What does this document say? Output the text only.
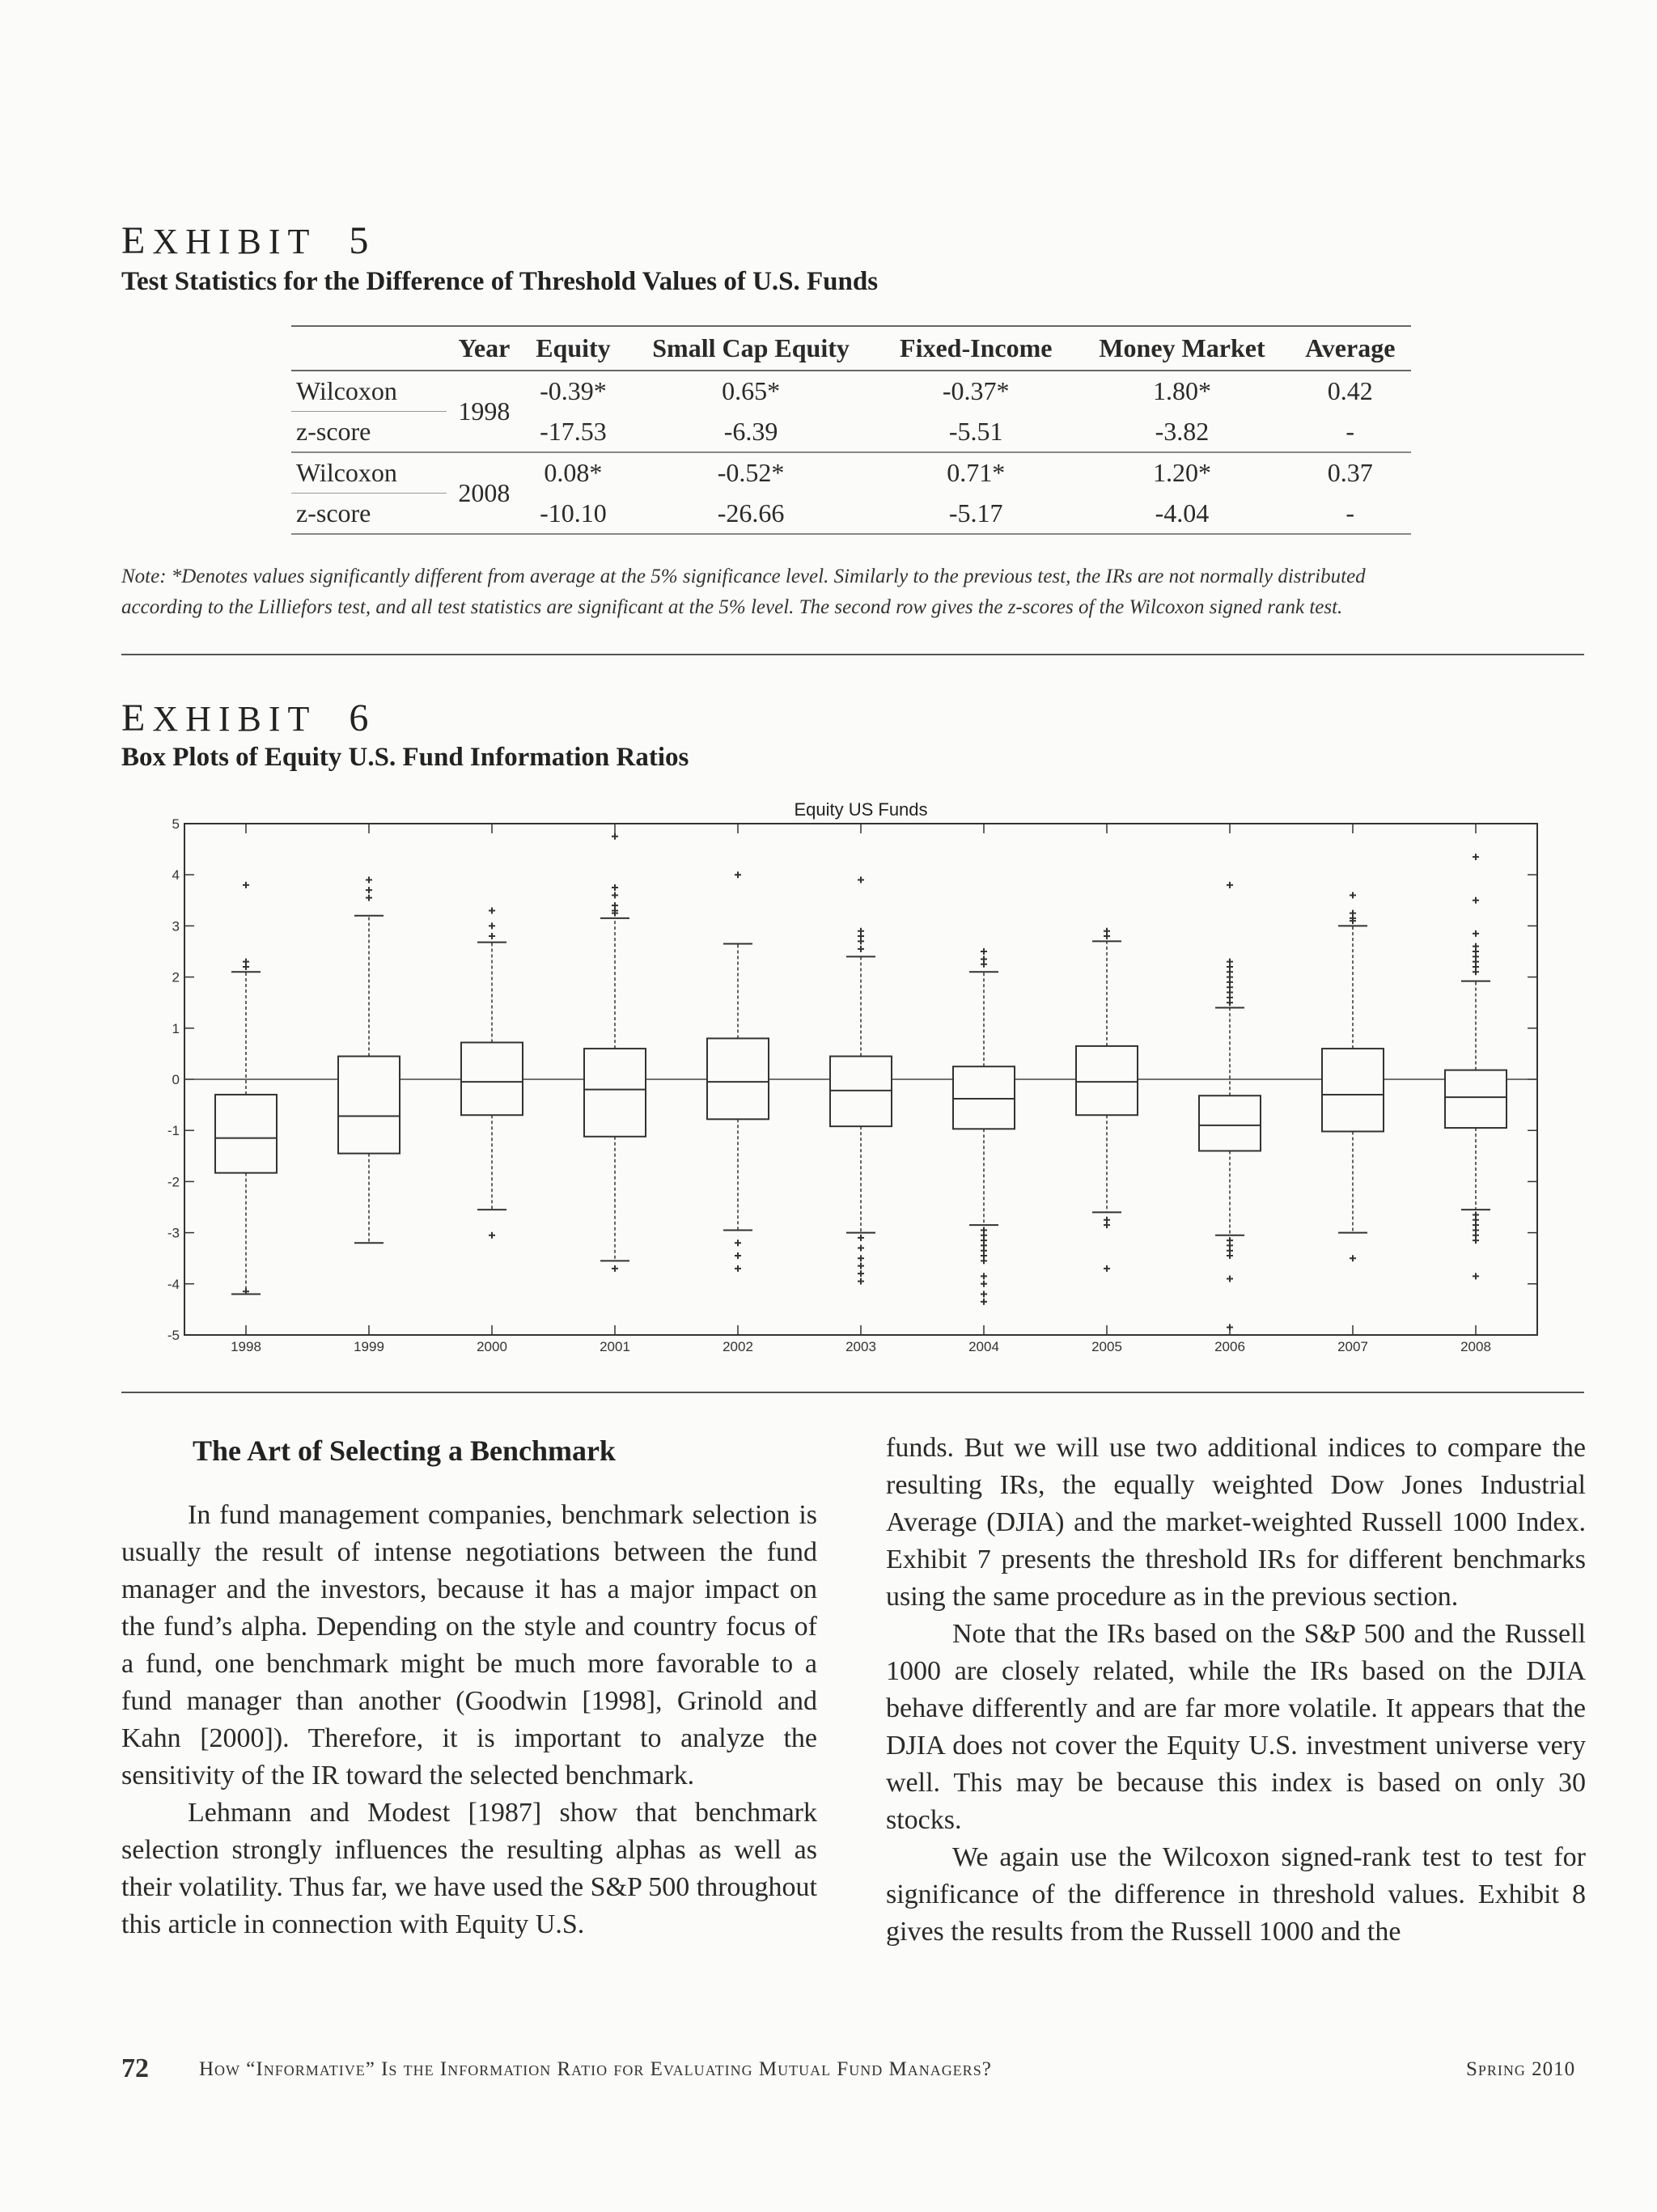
EXHIBIT 5
Test Statistics for the Difference of Threshold Values of U.S. Funds
	Year	Equity	Small Cap Equity	Fixed-Income	Money Market	Average
Wilcoxon	1998	-0.39*	0.65*	-0.37*	1.80*	0.42
z-score		-17.53	-6.39	-5.51	-3.82	-
Wilcoxon	2008	0.08*	-0.52*	0.71*	1.20*	0.37
z-score		-10.10	-26.66	-5.17	-4.04	-
Note: *Denotes values significantly different from average at the 5% significance level. Similarly to the previous test, the IRs are not normally distributed
according to the Lilliefors test, and all test statistics are significant at the 5% level. The second row gives the z-scores of the Wilcoxon signed rank test.
EXHIBIT 6
Box Plots of Equity U.S. Fund Information Ratios
Equity US Funds
-5
-4
-3
-2
-1
0
1
2
3
4
5
1998	1999	2000	2001	2002	2003	2004	2005	2006	2007	2008
The Art of Selecting a Benchmark

In fund management companies, benchmark selection is usually the result of intense negotiations between the fund manager and the investors, because it has a major impact on the fund’s alpha. Depending on the style and country focus of a fund, one benchmark might be much more favorable to a fund manager than another (Goodwin [1998], Grinold and Kahn [2000]). Therefore, it is important to analyze the sensitivity of the IR toward the selected benchmark.

Lehmann and Modest [1987] show that benchmark selection strongly influences the resulting alphas as well as their volatility. Thus far, we have used the S&P 500 throughout this article in connection with Equity U.S.

funds. But we will use two additional indices to compare the resulting IRs, the equally weighted Dow Jones Industrial Average (DJIA) and the market-weighted Russell 1000 Index. Exhibit 7 presents the threshold IRs for different benchmarks using the same procedure as in the previous section.

Note that the IRs based on the S&P 500 and the Russell 1000 are closely related, while the IRs based on the DJIA behave differently and are far more volatile. It appears that the DJIA does not cover the Equity U.S. investment universe very well. This may be because this index is based on only 30 stocks.

We again use the Wilcoxon signed-rank test to test for significance of the difference in threshold values. Exhibit 8 gives the results from the Russell 1000 and the

72 How “Informative” Is the Information Ratio for Evaluating Mutual Fund Managers?	Spring 2010
